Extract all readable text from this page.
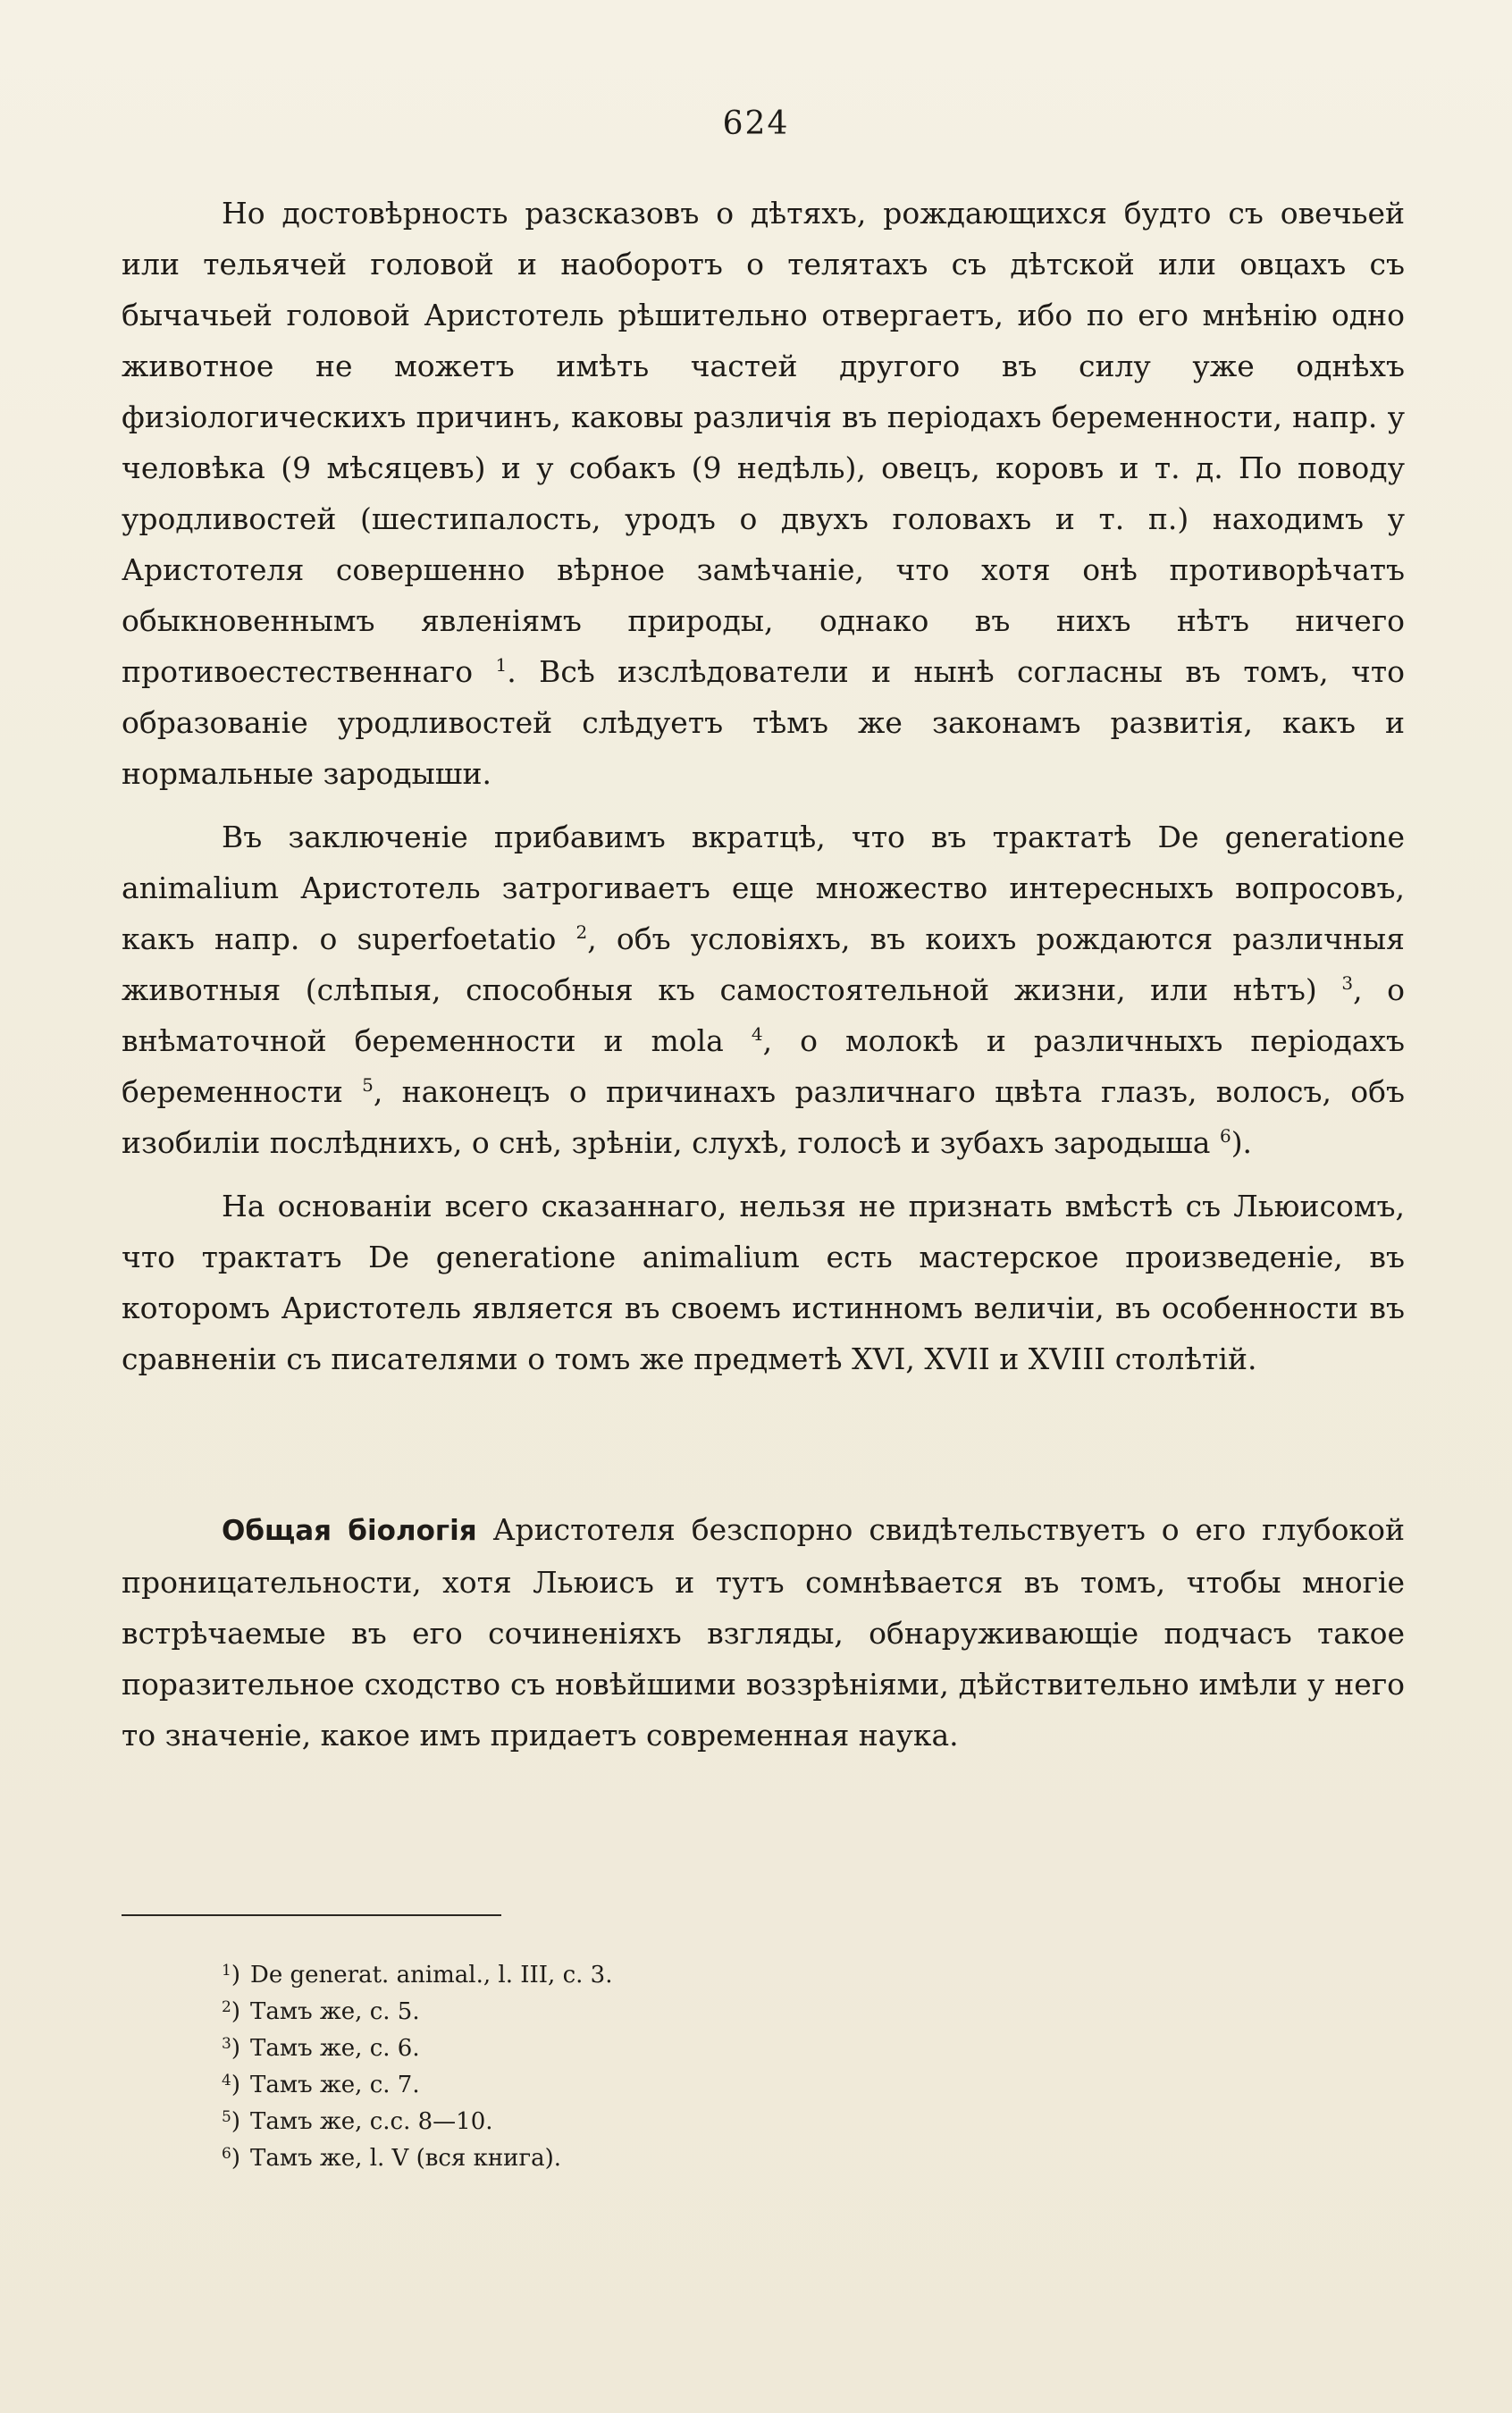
624

Но достовѣрность разсказовъ о дѣтяхъ, рождающихся будто съ овечьей или тельячей головой и наоборотъ о телятахъ съ дѣтской или овцахъ съ бычачьей головой Аристотель рѣшительно отвергаетъ, ибо по его мнѣнію одно животное не можетъ имѣть частей другого въ силу уже однѣхъ физіологическихъ причинъ, каковы различія въ періодахъ беременности, напр. у человѣка (9 мѣсяцевъ) и у собакъ (9 недѣль), овецъ, коровъ и т. д. По поводу уродливостей (шестипалость, уродъ о двухъ головахъ и т. п.) находимъ у Аристотеля совершенно вѣрное замѣчаніе, что хотя онѣ противорѣчатъ обыкновеннымъ явленіямъ природы, однако въ нихъ нѣтъ ничего противоестественнаго $^1$. Всѣ изслѣдователи и нынѣ согласны въ томъ, что образованіе уродливостей слѣдуетъ тѣмъ же законамъ развитія, какъ и нормальные зародыши.

Въ заключеніе прибавимъ вкратцѣ, что въ трактатѣ De generatione animalium Аристотель затрогиваетъ еще множество интересныхъ вопросовъ, какъ напр. о superfoetatio $^2$, объ условіяхъ, въ коихъ рождаются различныя животныя (слѣпыя, способныя къ самостоятельной жизни, или нѣтъ) $^3$, о внѣматочной беременности и mola $^4$, о молокѣ и различныхъ періодахъ беременности $^5$, наконецъ о причинахъ различнаго цвѣта глазъ, волосъ, объ изобиліи послѣднихъ, о снѣ, зрѣніи, слухѣ, голосѣ и зубахъ зародыша $^6$).

На основаніи всего сказаннаго, нельзя не признать вмѣстѣ съ Льюисомъ, что трактатъ De generatione animalium есть мастерское произведеніе, въ которомъ Аристотель является въ своемъ истинномъ величіи, въ особенности въ сравненіи съ писателями о томъ же предметѣ XVI, XVII и XVIII столѣтій.

Общая біологія Аристотеля безспорно свидѣтельствуетъ о его глубокой проницательности, хотя Льюисъ и тутъ сомнѣвается въ томъ, чтобы многіе встрѣчаемые въ его сочиненіяхъ взгляды, обнаруживающіе подчасъ такое поразительное сходство съ новѣйшими воззрѣніями, дѣйствительно имѣли у него то значеніе, какое имъ придаетъ современная наука.

$^1$) De generat. animal., l. III, c. 3.
$^2$) Тамъ же, с. 5.
$^3$) Тамъ же, с. 6.
$^4$) Тамъ же, с. 7.
$^5$) Тамъ же, с.с. 8—10.
$^6$) Тамъ же, l. V (вся книга).
